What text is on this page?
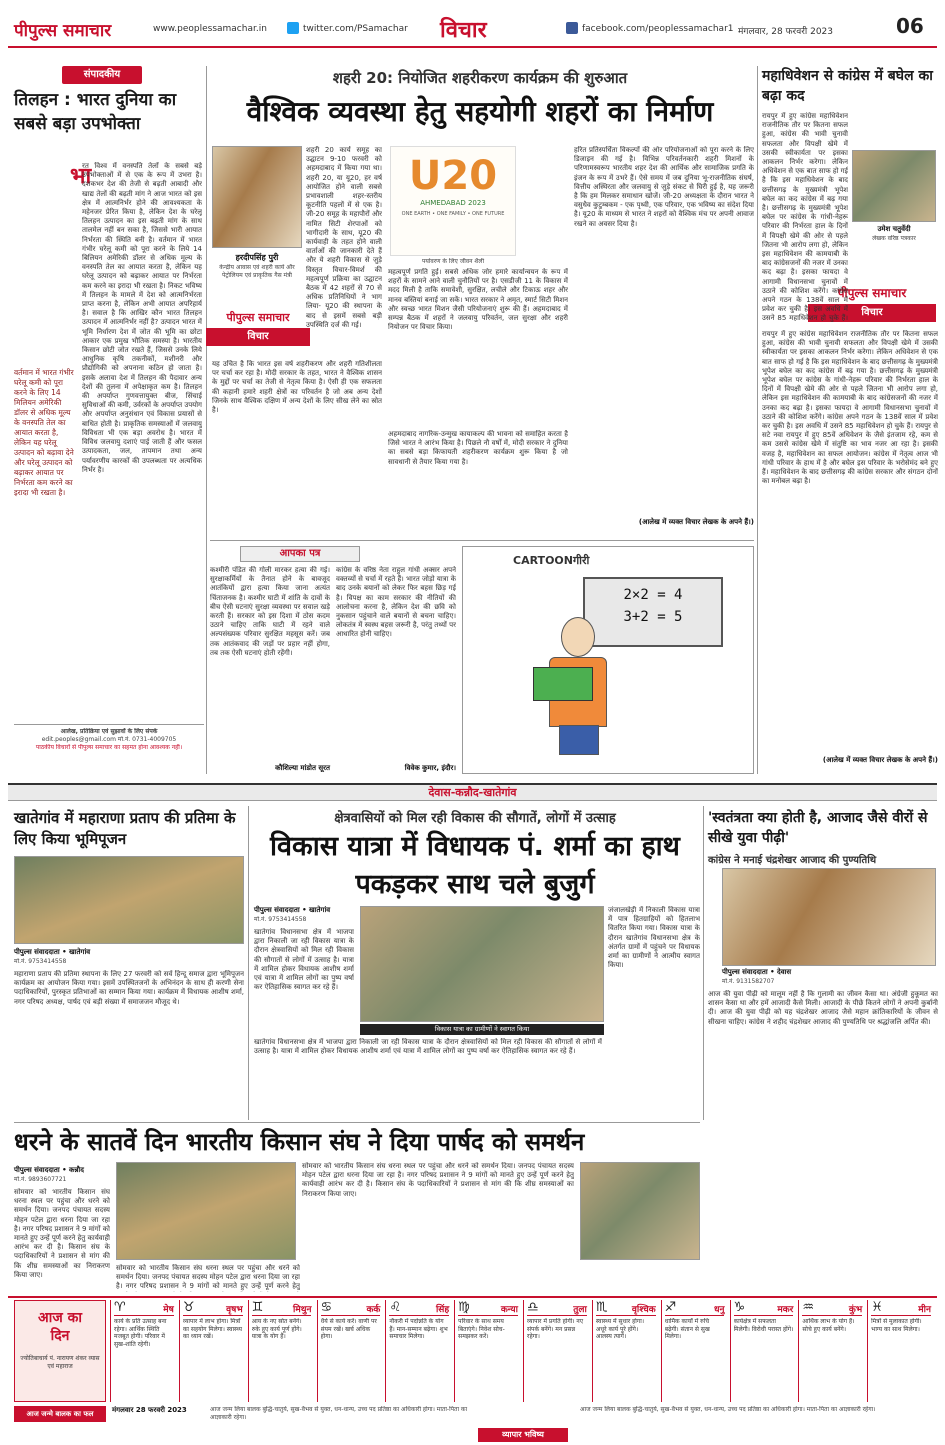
पीपुल्स समाचार	www.peoplessamachar.in	twitter.com/PSamachar विचार	facebook.com/peoplessamachar1 मंगलवार, 28 फरवरी 2023	06
संपादकीय
तिलहन : भारत दुनिया का सबसे बड़ा उपभोक्ता
भा
रत विश्व में वनस्पति तेलों के सबसे बड़े उपभोक्ताओं में से एक के रूप में उभरा है। दशकभर देश की तेजी से बढ़ती आबादी और खाद्य तेलों की बढ़ती मांग ने आज भारत को इस क्षेत्र में आत्मनिर्भर होने की आवश्यकता के महेनजर प्रेरित किया है, लेकिन देश के घरेलू तिलहन उत्पादन का इस बढ़ती मांग के साथ तालमेल नहीं बन सका है, जिससे भारी आयात निर्भरता की स्थिति बनी है। वर्तमान में भारत गंभीर घरेलू कमी को पूरा करने के लिये 14 बिलियन अमेरिकी डॉलर से अधिक मूल्य के वनस्पति तेल का आयात करता है, लेकिन यह घरेलू उत्पादन को बढ़ाकर आयात पर निर्भरता कम करने का इरादा भी रखता है। निकट भविष्य में तिलहन के मामले में देश को आत्मनिर्भरता प्राप्त करना है, लेकिन अभी आयात अपरिहार्य है। सवाल है कि आखिर कौन भारत तिलहन उत्पादन में आत्मनिर्भर नहीं है? उत्पादन भारत में भूमि निर्धारण देश में जोत की भूमि का छोटा आकार एक प्रमुख भौतिक समस्या है। भारतीय किसान छोटी जोत रखते हैं, जिससे उनके लिये आधुनिक कृषि तकनीकों, मशीनरी और प्रौद्योगिकी को अपनाना कठिन हो जाता है। इसके अलावा देश में तिलहन की पैदावार अन्य देशों की तुलना में अपेक्षाकृत कम है। तिलहन की अपर्याप्त गुणवत्तायुक्त बीज, सिंचाई सुविधाओं की कमी, उर्वरकों के अपर्याप्त उपयोग और अपर्याप्त अनुसंधान एवं विकास प्रयासों से बाधित होती है। प्राकृतिक समस्याओं में जलवायु विविधता भी एक बड़ा अवरोध है। भारत में विविध जलवायु दशाएं पाई जाती हैं और फसल उत्पादकता, जल, तापमान तथा अन्य पर्यावरणीय कारकों की उपलब्धता पर अत्यधिक निर्भर है।
वर्तमान में भारत गंभीर घरेलू कमी को पूरा करने के लिए 14 मिलियन अमेरिकी डॉलर से अधिक मूल्य के वनस्पति तेल का आयात करता है, लेकिन यह घरेलू उत्पादन को बढ़ावा देने और घरेलू उत्पादन को बढ़ाकर आयात पर निर्भरता कम करने का इरादा भी रखता है।
आलेख, प्रतिक्रिया एवं सुझावों के लिए संपर्क
edit.peoples@gmail.com मो.नं. 0731-4009705
पाठकीय विचारों से पीपुल्स समाचार का सहमत होना आवश्यक नहीं।
शहरी 20: नियोजित शहरीकरण कार्यक्रम की शुरुआत
वैश्विक व्यवस्था हेतु सहयोगी शहरों का निर्माण
हरदीपसिंह पुरी
केन्द्रीय आवास एवं शहरी कार्य और पेट्रोलियम एवं प्राकृतिक गैस मंत्री
पीपुल्स समाचार
विचार
शहरी 20 कार्य समूह का उद्घाटन 9-10 फरवरी को अहमदाबाद में किया गया था। शहरी 20, या यू20, हर वर्ष आयोजित होने वाली सबसे प्रभावशाली शहर-स्तरीय कूटनीति पहलों में से एक है। जी-20 समूह के महापौरों और नामित सिटी शेरपाओं को भागीदारी के साथ, यू20 की कार्यवाही के तहत होने वाली वार्ताओं की जानकारी देते हैं और ये शहरी विकास से जुड़े विस्तृत विचार-विमर्श की महत्वपूर्ण प्रक्रिया का उद्घाटन बैठक में 42 शहरों से 70 से अधिक प्रतिनिधियों ने भाग लिया- यू20 की स्थापना के बाद से इसमें सबसे बड़ी उपस्थिति दर्ज की गई।
यह उचित है कि भारत इस वर्ष शहरीकरण और शहरी गतिशीलता पर चर्चा कर रहा है। मोदी सरकार के तहत, भारत ने वैश्विक शासन के मुद्दों पर चर्चा का तेजी से नेतृत्व किया है। ऐसी ही एक सफलता की कहानी हमारे शहरी क्षेत्रों का परिवर्तन है जो अब अन्य देशों जिनके साथ वैश्विक दक्षिण में अन्य देशों के लिए सीख लेने का स्रोत है।
U20
AHMEDABAD 2023
ONE EARTH • ONE FAMILY • ONE FUTURE
पर्यावरण के लिए जीवन शैली
महत्वपूर्ण प्रगति हुई। सबसे अधिक जोर हमारे कार्यान्वयन के रूप में शहरों के सामने आने वाली चुनौतियों पर है। एसडीजी 11 के विकास में मदद मिली है ताकि समावेशी, सुरक्षित, लचीले और टिकाऊ शहर और मानव बस्तियां बनाई जा सकें। भारत सरकार ने अमृत, स्मार्ट सिटी मिशन और स्वच्छ भारत मिशन जैसी परियोजनाएं शुरू की हैं। अहमदाबाद में सम्पन्न बैठक में शहरों ने जलवायु परिवर्तन, जल सुरक्षा और शहरी नियोजन पर विचार किया।
अहमदाबाद नागरिक-उन्मुख कायाकल्प की भावना को समाहित करता है जिसे भारत ने आरंभ किया है। पिछले नौ वर्षों में, मोदी सरकार ने दुनिया का सबसे बड़ा किफायती शहरीकरण कार्यक्रम शुरू किया है जो सावधानी से तैयार किया गया है।
हरित प्रतिस्पर्धिता विकल्पों की ओर परियोजनाओं को पूरा करने के लिए डिजाइन की गई है। विभिन्न परिवर्तनकारी शहरी मिशनों के परिणामस्वरूप भारतीय शहर देश की आर्थिक और सामाजिक प्रगति के इंजन के रूप में उभरे हैं। ऐसे समय में जब दुनिया भू-राजनीतिक संघर्ष, वित्तीय अस्थिरता और जलवायु से जुड़े संकट से घिरी हुई है, यह जरूरी है कि हम मिलकर समाधान खोजें। जी-20 अध्यक्षता के दौरान भारत ने वसुधैव कुटुम्बकम - एक पृथ्वी, एक परिवार, एक भविष्य का संदेश दिया है। यू20 के माध्यम से भारत ने शहरों को वैश्विक मंच पर अपनी आवाज रखने का अवसर दिया है।
(आलेख में व्यक्त विचार लेखक के अपने हैं।)
महाधिवेशन से कांग्रेस में बघेल का बढ़ा कद
उमेश चतुर्वेदी
लेखक वरिष्ठ पत्रकार
पीपुल्स समाचार
विचार
रायपुर में हुए कांग्रेस महाधिवेशन राजनीतिक तौर पर कितना सफल हुआ, कांग्रेस की भावी चुनावी सफलता और विपक्षी खेमे में उसकी स्वीकार्यता पर इसका आकलन निर्भर करेगा। लेकिन अधिवेशन से एक बात साफ हो गई है कि इस महाधिवेशन के बाद छत्तीसगढ़ के मुख्यमंत्री भूपेश बघेल का कद कांग्रेस में बढ़ गया है। छत्तीसगढ़ के मुख्यमंत्री भूपेश बघेल पर कांग्रेस के गांधी-नेहरू परिवार की निर्भरता हाल के दिनों में विपक्षी खेमे की ओर से पहले जितना भी आरोप लगा हो, लेकिन इस महाधिवेशन की कामयाबी के बाद कांग्रेसजनों की नजर में उनका कद बढ़ा है। इसका फायदा वे आगामी विधानसभा चुनावों में उठाने की कोशिश करेंगे। कांग्रेस अपने गठन के 138वें साल में प्रवेश कर चुकी है। इस अवधि में उसने 85 महाधिवेशन हो चुके हैं।
रायपुर में हुए कांग्रेस महाधिवेशन राजनीतिक तौर पर कितना सफल हुआ, कांग्रेस की भावी चुनावी सफलता और विपक्षी खेमे में उसकी स्वीकार्यता पर इसका आकलन निर्भर करेगा। लेकिन अधिवेशन से एक बात साफ हो गई है कि इस महाधिवेशन के बाद छत्तीसगढ़ के मुख्यमंत्री भूपेश बघेल का कद कांग्रेस में बढ़ गया है। छत्तीसगढ़ के मुख्यमंत्री भूपेश बघेल पर कांग्रेस के गांधी-नेहरू परिवार की निर्भरता हाल के दिनों में विपक्षी खेमे की ओर से पहले जितना भी आरोप लगा हो, लेकिन इस महाधिवेशन की कामयाबी के बाद कांग्रेसजनों की नजर में उनका कद बढ़ा है। इसका फायदा वे आगामी विधानसभा चुनावों में उठाने की कोशिश करेंगे। कांग्रेस अपने गठन के 138वें साल में प्रवेश कर चुकी है। इस अवधि में उसने 85 महाधिवेशन हो चुके हैं। रायपुर से सटे नवा रायपुर में हुए 85वें अधिवेशन के जैसे इंतजाम रहे, कम से कम उससे कांग्रेस खेमे में संतुष्टि का भाव नजर आ रहा है। इसकी वजह है, महाधिवेशन का सफल आयोजन। कांग्रेस में नेतृत्व आज भी गांधी परिवार के हाथ में है और बघेल इस परिवार के भरोसेमंद बने हुए हैं। महाधिवेशन के बाद छत्तीसगढ़ की कांग्रेस सरकार और संगठन दोनों का मनोबल बढ़ा है।
(आलेख में व्यक्त विचार लेखक के अपने हैं।)
आपका पत्र
कश्मीरी पंडित की गोली मारकर हत्या की गई। सुरक्षाकर्मियों के तैनात होने के बावजूद आतंकियों द्वारा हत्या किया जाना अत्यंत चिंताजनक है। कश्मीर घाटी में शांति के दावों के बीच ऐसी घटनाएं सुरक्षा व्यवस्था पर सवाल खड़े करती हैं। सरकार को इस दिशा में ठोस कदम उठाने चाहिए ताकि घाटी में रहने वाले अल्पसंख्यक परिवार सुरक्षित महसूस करें। जब तक आतंकवाद की जड़ों पर प्रहार नहीं होगा, तब तक ऐसी घटनाएं होती रहेंगी।
कौशिल्या मांडोत सूरत
कांग्रेस के वरिष्ठ नेता राहुल गांधी अक्सर अपने वक्तव्यों से चर्चा में रहते हैं। भारत जोड़ो यात्रा के बाद उनके बयानों को लेकर फिर बहस छिड़ गई है। विपक्ष का काम सरकार की नीतियों की आलोचना करना है, लेकिन देश की छवि को नुकसान पहुंचाने वाले बयानों से बचना चाहिए। लोकतंत्र में स्वस्थ बहस जरूरी है, परंतु तथ्यों पर आधारित होनी चाहिए।
विवेक कुमार, इंदौर।
CARTOONगीरी
2×2 = 4
3+2 = 5
देवास-कन्नौद-खातेगांव
खातेगांव में महाराणा प्रताप की प्रतिमा के लिए किया भूमिपूजन
पीपुल्स संवाददाता • खातेगांव
मो.नं. 9753414558
महाराणा प्रताप की प्रतिमा स्थापना के लिए 27 फरवरी को सर्व हिन्दू समाज द्वारा भूमिपूजन कार्यक्रम का आयोजन किया गया। इसमें उपस्थितजनों के अभिनंदन के साथ ही करणी सेना पदाधिकारियों, पुरस्कृत प्रतिभाओं का सम्मान किया गया। कार्यक्रम में विधायक आशीष शर्मा, नगर परिषद अध्यक्ष, पार्षद एवं बड़ी संख्या में समाजजन मौजूद थे।
क्षेत्रवासियों को मिल रही विकास की सौगातें, लोगों में उत्साह
विकास यात्रा में विधायक पं. शर्मा का हाथ पकड़कर साथ चले बुजुर्ग
पीपुल्स संवाददाता • खातेगांव
मो.नं. 9753414558
खातेगांव विधानसभा क्षेत्र में भाजपा द्वारा निकाली जा रही विकास यात्रा के दौरान क्षेत्रवासियों को मिल रही विकास की सौगातों से लोगों में उत्साह है। यात्रा में शामिल होकर विधायक आशीष शर्मा एवं यात्रा में शामिल लोगों का पुष्प वर्षा कर ऐतिहासिक स्वागत कर रहे हैं।
विकास यात्रा का ग्रामीणों ने स्वागत किया
जंजालखेड़ी में निकाली विकास यात्रा में पात्र हितग्राहियों को हितलाभ वितरित किया गया। विकास यात्रा के दौरान खातेगांव विधानसभा क्षेत्र के अंतर्गत ग्रामों में पहुंचने पर विधायक शर्मा का ग्रामीणों ने आत्मीय स्वागत किया।
खातेगांव विधानसभा क्षेत्र में भाजपा द्वारा निकाली जा रही विकास यात्रा के दौरान क्षेत्रवासियों को मिल रही विकास की सौगातों से लोगों में उत्साह है। यात्रा में शामिल होकर विधायक आशीष शर्मा एवं यात्रा में शामिल लोगों का पुष्प वर्षा कर ऐतिहासिक स्वागत कर रहे हैं।
'स्वतंत्रता क्या होती है, आजाद जैसे वीरों से सीखे युवा पीढ़ी'
कांग्रेस ने मनाई चंद्रशेखर आजाद की पुण्यतिथि
पीपुल्स संवाददाता • देवास
मो.नं. 9131582707
आज की युवा पीढ़ी को मालूम नहीं है कि गुलामी का जीवन कैसा था। अंग्रेजी हुकूमत का शासन कैसा था और हमें आजादी कैसे मिली। आजादी के पीछे कितने लोगों ने अपनी कुर्बानी दी। आज की युवा पीढ़ी को यह चंद्रशेखर आजाद जैसे महान क्रांतिकारियों के जीवन से सीखना चाहिए। कांग्रेस ने शहीद चंद्रशेखर आजाद की पुण्यतिथि पर श्रद्धांजलि अर्पित की।
धरने के सातवें दिन भारतीय किसान संघ ने दिया पार्षद को समर्थन
पीपुल्स संवाददाता • कन्नौद
मो.नं. 9893607721
सोमवार को भारतीय किसान संघ धरना स्थल पर पहुंचा और धरने को समर्थन दिया। जनपद पंचायत सदस्य मोहन पटेल द्वारा धरना दिया जा रहा है। नगर परिषद प्रशासन ने 9 मांगों को मानते हुए उन्हें पूर्ण करने हेतु कार्यवाही आरंभ कर दी है। किसान संघ के पदाधिकारियों ने प्रशासन से मांग की कि शीघ्र समस्याओं का निराकरण किया जाए।
सोमवार को भारतीय किसान संघ धरना स्थल पर पहुंचा और धरने को समर्थन दिया। जनपद पंचायत सदस्य मोहन पटेल द्वारा धरना दिया जा रहा है। नगर परिषद प्रशासन ने 9 मांगों को मानते हुए उन्हें पूर्ण करने हेतु कार्यवाही आरंभ कर दी है। किसान संघ के पदाधिकारियों ने प्रशासन से मांग की कि शीघ्र समस्याओं का निराकरण किया जाए।
सोमवार को भारतीय किसान संघ धरना स्थल पर पहुंचा और धरने को समर्थन दिया। जनपद पंचायत सदस्य मोहन पटेल द्वारा धरना दिया जा रहा है। नगर परिषद प्रशासन ने 9 मांगों को मानते हुए उन्हें पूर्ण करने हेतु
आज का दिन
ज्योतिबाचार्य पं. नारायण शंकर व्यास एवं महाराज
आज जन्मे बालक का फल
♈	मेष
कार्य के प्रति उत्साह बना रहेगा। आर्थिक स्थिति मजबूत होगी। परिवार में सुख-शांति रहेगी।
♉	वृषभ
व्यापार में लाभ होगा। मित्रों का सहयोग मिलेगा। स्वास्थ्य का ध्यान रखें।
♊	मिथुन
आय के नए स्रोत बनेंगे। रुके हुए कार्य पूर्ण होंगे। यात्रा के योग हैं।
♋	कर्क
धैर्य से कार्य करें। वाणी पर संयम रखें। खर्च अधिक होगा।
♌	सिंह
नौकरी में पदोन्नति के योग हैं। मान-सम्मान बढ़ेगा। शुभ समाचार मिलेगा।
♍	कन्या
परिवार के साथ समय बिताएंगे। निवेश सोच-समझकर करें।
♎	तुला
व्यापार में प्रगति होगी। नए संपर्क बनेंगे। मन प्रसन्न रहेगा।
♏	वृश्चिक
स्वास्थ्य में सुधार होगा। अधूरे कार्य पूरे होंगे। आलस्य त्यागें।
♐	धनु
धार्मिक कार्यों में रुचि बढ़ेगी। संतान से सुख मिलेगा।
♑	मकर
कार्यक्षेत्र में सफलता मिलेगी। विरोधी परास्त होंगे।
♒	कुंभ
आर्थिक लाभ के योग हैं। सोचे हुए कार्य बनेंगे।
♓	मीन
मित्रों से मुलाकात होगी। भाग्य का साथ मिलेगा।
मंगलवार 28 फरवरी 2023	आज जन्म लिया बालक बुद्धि-चातुर्य, सुख-वैभव से युक्त, धन-धान्य, उच्च पद प्रतिष्ठा का अधिकारी होगा। माता-पिता का आज्ञाकारी रहेगा।
व्यापार भविष्य
आज जन्म लिया बालक बुद्धि-चातुर्य, सुख-वैभव से युक्त, धन-धान्य, उच्च पद प्रतिष्ठा का अधिकारी होगा। माता-पिता का आज्ञाकारी रहेगा।
